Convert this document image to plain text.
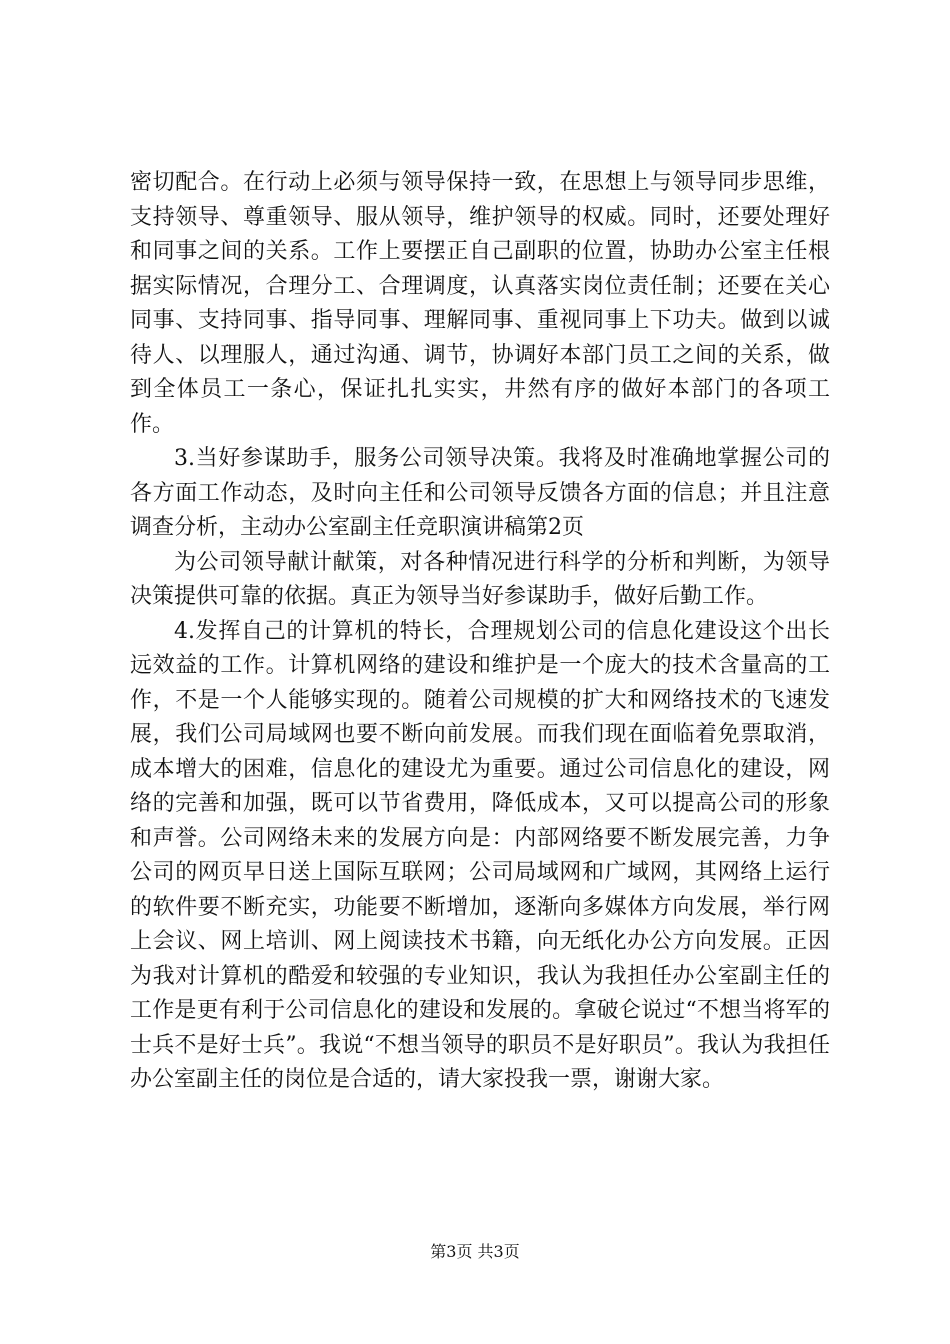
密切配合。在行动上必须与领导保持一致，在思想上与领导同步思维，支持领导、尊重领导、服从领导，维护领导的权威。同时，还要处理好和同事之间的关系。工作上要摆正自己副职的位置，协助办公室主任根据实际情况，合理分工、合理调度，认真落实岗位责任制；还要在关心同事、支持同事、指导同事、理解同事、重视同事上下功夫。做到以诚待人、以理服人，通过沟通、调节，协调好本部门员工之间的关系，做到全体员工一条心，保证扎扎实实，井然有序的做好本部门的各项工作。

3.当好参谋助手，服务公司领导决策。我将及时准确地掌握公司的各方面工作动态，及时向主任和公司领导反馈各方面的信息；并且注意调查分析，主动办公室副主任竞职演讲稿第2页

为公司领导献计献策，对各种情况进行科学的分析和判断，为领导决策提供可靠的依据。真正为领导当好参谋助手，做好后勤工作。

4.发挥自己的计算机的特长，合理规划公司的信息化建设这个出长远效益的工作。计算机网络的建设和维护是一个庞大的技术含量高的工作，不是一个人能够实现的。随着公司规模的扩大和网络技术的飞速发展，我们公司局域网也要不断向前发展。而我们现在面临着免票取消，成本增大的困难，信息化的建设尤为重要。通过公司信息化的建设，网络的完善和加强，既可以节省费用，降低成本，又可以提高公司的形象和声誉。公司网络未来的发展方向是：内部网络要不断发展完善，力争公司的网页早日送上国际互联网；公司局域网和广域网，其网络上运行的软件要不断充实，功能要不断增加，逐渐向多媒体方向发展，举行网上会议、网上培训、网上阅读技术书籍，向无纸化办公方向发展。正因为我对计算机的酷爱和较强的专业知识，我认为我担任办公室副主任的工作是更有利于公司信息化的建设和发展的。拿破仑说过“不想当将军的士兵不是好士兵”。我说“不想当领导的职员不是好职员”。我认为我担任办公室副主任的岗位是合适的，请大家投我一票，谢谢大家。

第3页 共3页
